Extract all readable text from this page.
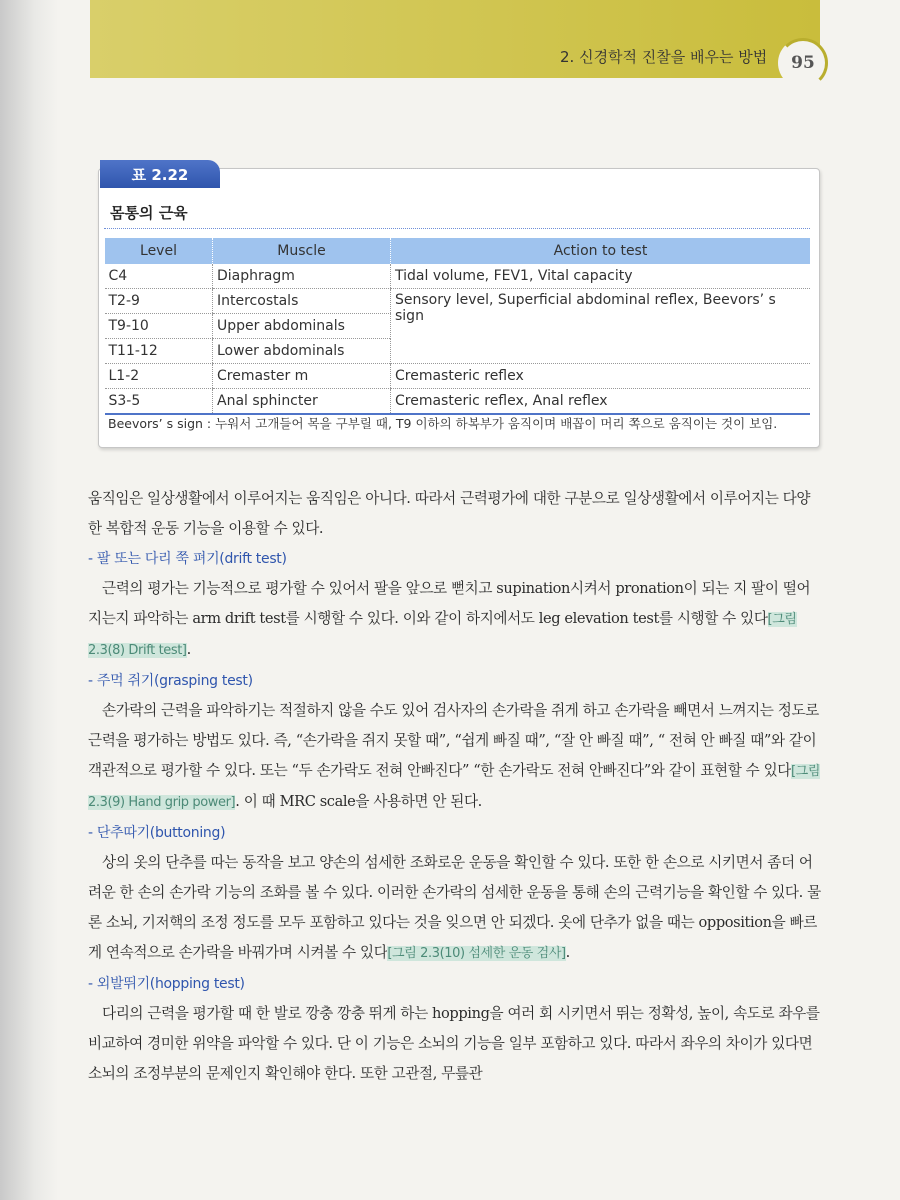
2. 신경학적 진찰을 배우는 방법	95
표 2.22
몸통의 근육
Level	Muscle	Action to test
C4	Diaphragm	Tidal volume, FEV1, Vital capacity
T2-9	Intercostals	Sensory level, Superficial abdominal reflex, Beevors’ s sign
T9-10	Upper abdominals	
T11-12	Lower abdominals	
L1-2	Cremaster m	Cremasteric reflex
S3-5	Anal sphincter	Cremasteric reflex, Anal reflex
Beevors’ s sign : 누워서 고개들어 목을 구부릴 때, T9 이하의 하복부가 움직이며 배꼽이 머리 쪽으로 움직이는 것이 보임.

움직임은 일상생활에서 이루어지는 움직임은 아니다. 따라서 근력평가에 대한 구분으로 일상생활에서 이루어지는 다양한 복합적 운동 기능을 이용할 수 있다.

- 팔 또는 다리 쭉 펴기(drift test)

근력의 평가는 기능적으로 평가할 수 있어서 팔을 앞으로 뻗치고 supination시켜서 pronation이 되는 지 팔이 떨어지는지 파악하는 arm drift test를 시행할 수 있다. 이와 같이 하지에서도 leg elevation test를 시행할 수 있다[그림 2.3(8) Drift test].

- 주먹 쥐기(grasping test)

손가락의 근력을 파악하기는 적절하지 않을 수도 있어 검사자의 손가락을 쥐게 하고 손가락을 빼면서 느껴지는 정도로 근력을 평가하는 방법도 있다. 즉, “손가락을 쥐지 못할 때”, “쉽게 빠질 때”, “잘 안 빠질 때”, “ 전혀 안 빠질 때”와 같이 객관적으로 평가할 수 있다. 또는 “두 손가락도 전혀 안빠진다” “한 손가락도 전혀 안빠진다”와 같이 표현할 수 있다[그림 2.3(9) Hand grip power]. 이 때 MRC scale을 사용하면 안 된다.

- 단추따기(buttoning)

상의 옷의 단추를 따는 동작을 보고 양손의 섬세한 조화로운 운동을 확인할 수 있다. 또한 한 손으로 시키면서 좀더 어려운 한 손의 손가락 기능의 조화를 볼 수 있다. 이러한 손가락의 섬세한 운동을 통해 손의 근력기능을 확인할 수 있다. 물론 소뇌, 기저핵의 조정 정도를 모두 포함하고 있다는 것을 잊으면 안 되겠다. 옷에 단추가 없을 때는 opposition을 빠르게 연속적으로 손가락을 바꿔가며 시켜볼 수 있다[그림 2.3(10) 섬세한 운동 검사].

- 외발뛰기(hopping test)

다리의 근력을 평가할 때 한 발로 깡충 깡충 뛰게 하는 hopping을 여러 회 시키면서 뛰는 정확성, 높이, 속도로 좌우를 비교하여 경미한 위약을 파악할 수 있다. 단 이 기능은 소뇌의 기능을 일부 포함하고 있다. 따라서 좌우의 차이가 있다면 소뇌의 조정부분의 문제인지 확인해야 한다. 또한 고관절, 무릎관
